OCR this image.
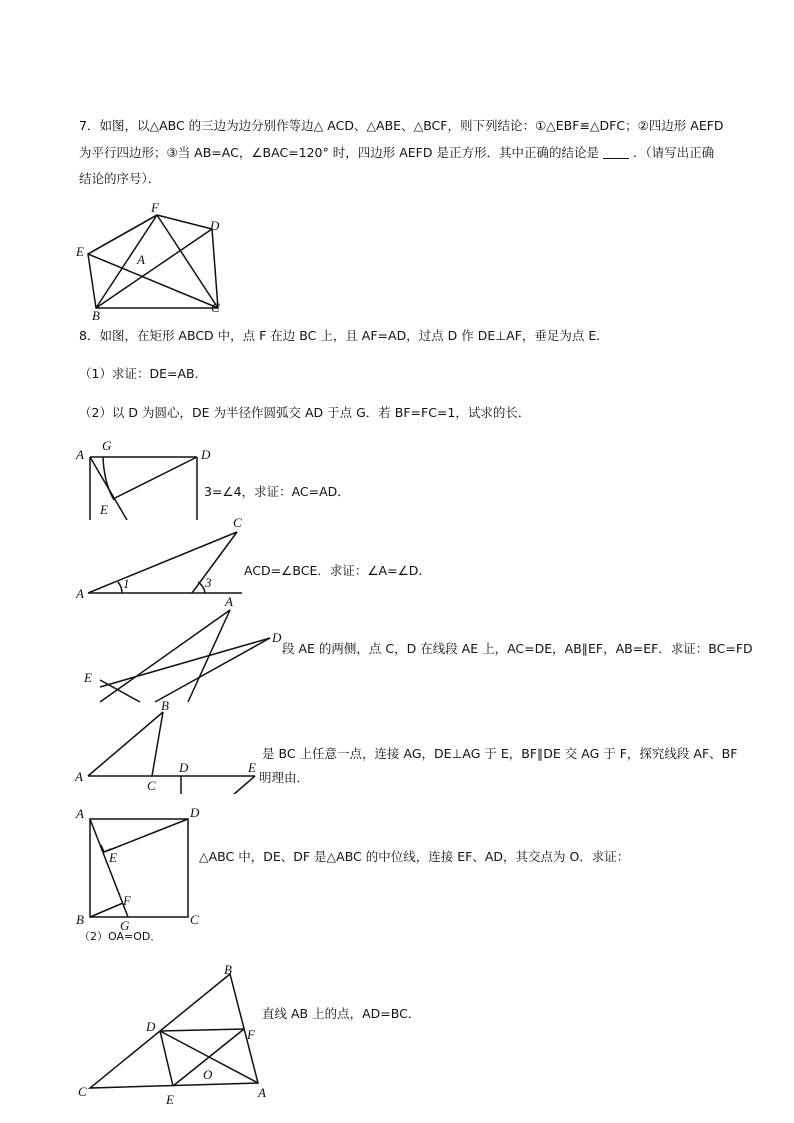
7．如图，以△ABC 的三边为边分别作等边△ ACD、△ABE、△BCF，则下列结论：①△EBF≌△DFC；②四边形 AEFD
为平行四边形；③当 AB=AC，∠BAC=120° 时，四边形 AEFD 是正方形．其中正确的结论是	．（请写出正确
结论的序号）．
F
D
E
A
B
C
8．如图，在矩形 ABCD 中，点 F 在边 BC 上，且 AF=AD，过点 D 作 DE⊥AF，垂足为点 E．
（1）求证：DE=AB．
（2）以 D 为圆心，DE 为半径作圆弧交 AD 于点 G．若 BF=FC=1，试求的长．
A
G
D
E
3=∠4，求证：AC=AD．
C
A
1	3
ACD=∠BCE．求证：∠A=∠D．
A
D
E
段 AE 的两侧，点 C，D 在线段 AE 上，AC=DE，AB∥EF，AB=EF．求证：BC=FD
B
A
C
D	E
是 BC 上任意一点，连接 AG，DE⊥AG 于 E，BF∥DE 交 AG 于 F，探究线段 AF、BF
明理由．
A	D
E
F
B	G	C
△ABC 中，DE、DF 是△ABC 的中位线，连接 EF、AD，其交点为 O．求证：
（2）OA=OD．
B
D
F
O
C
E	A
直线 AB 上的点，AD=BC．
